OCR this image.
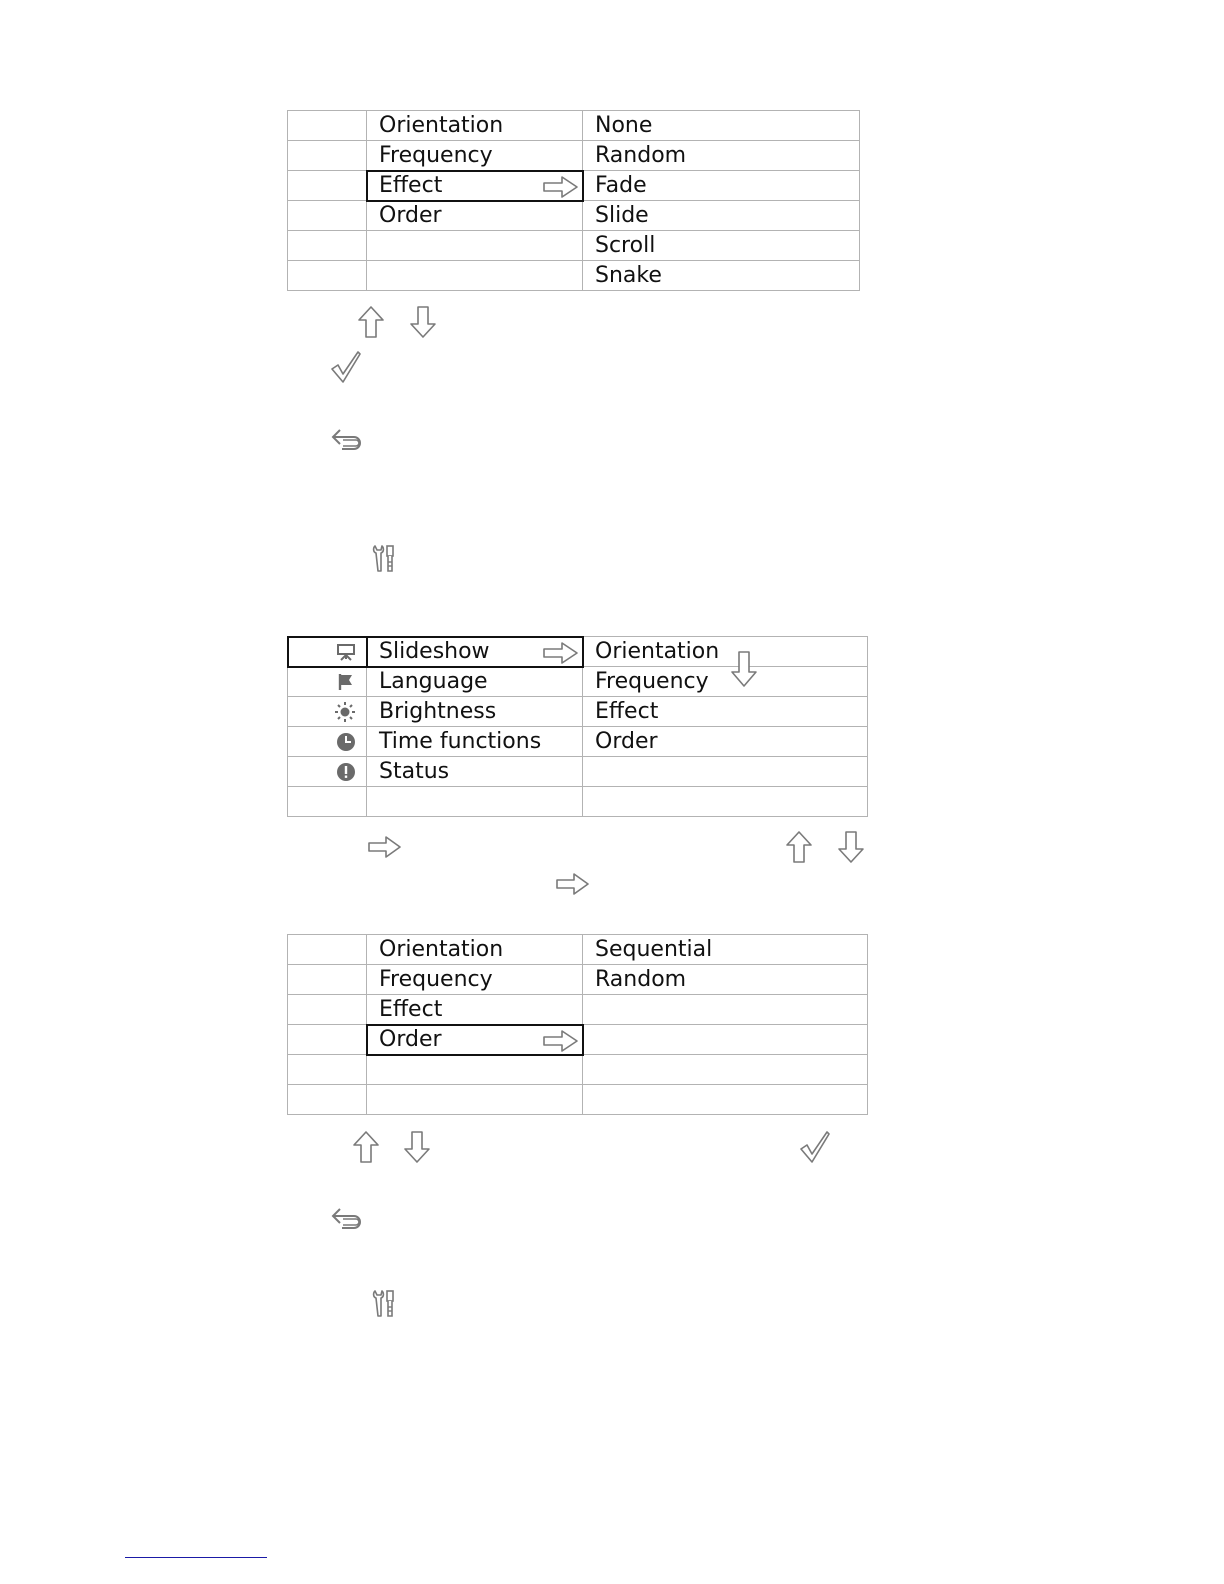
	Orientation	None
	Frequency	Random
	Effect	Fade
	Order	Slide
		Scroll
		Snake
	Slideshow	Orientation
	Language	Frequency
	Brightness	Effect
	Time functions	Order
	Status	

	Orientation	Sequential
	Frequency	Random
	Effect	
	Order
